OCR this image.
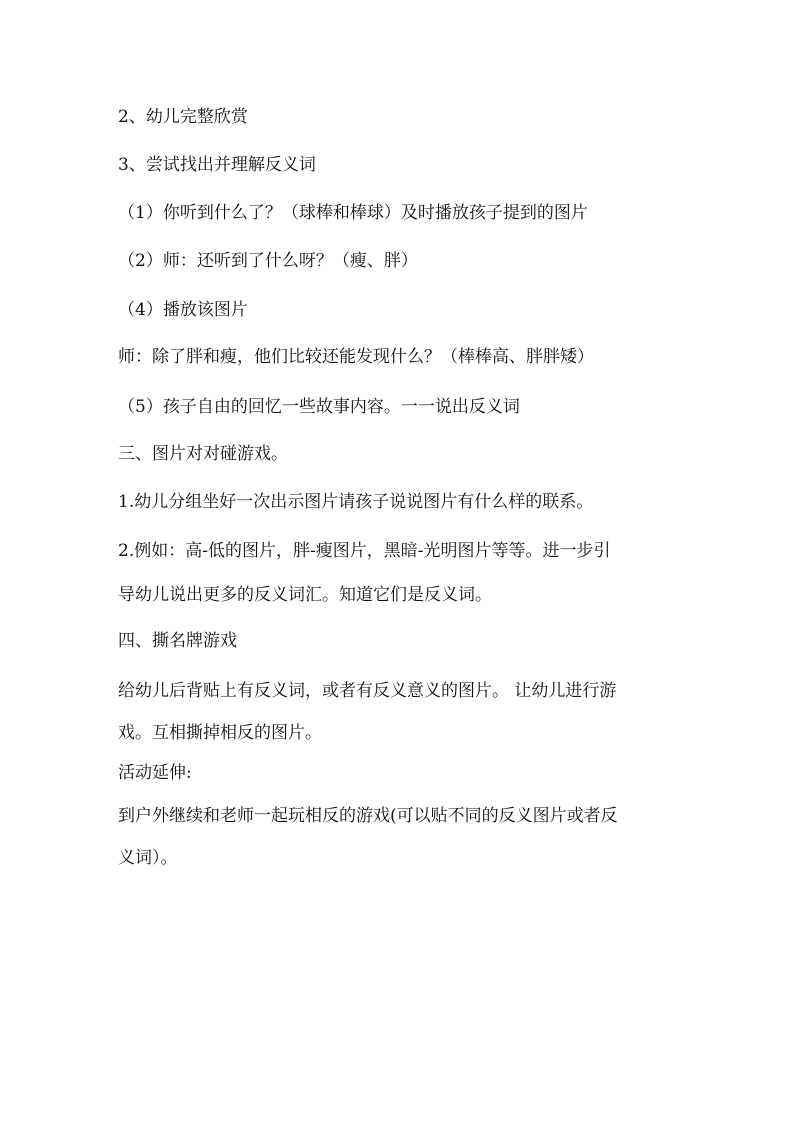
2、幼儿完整欣赏
3、尝试找出并理解反义词
（1）你听到什么了？（球棒和棒球）及时播放孩子提到的图片
（2）师：还听到了什么呀？（瘦、胖）
（4）播放该图片
师：除了胖和瘦，他们比较还能发现什么？（棒棒高、胖胖矮）
（5）孩子自由的回忆一些故事内容。一一说出反义词
三、图片对对碰游戏。
1.幼儿分组坐好一次出示图片请孩子说说图片有什么样的联系。
2.例如：高-低的图片，胖-瘦图片，黑暗-光明图片等等。进一步引
导幼儿说出更多的反义词汇。知道它们是反义词。
四、撕名牌游戏
给幼儿后背贴上有反义词，或者有反义意义的图片。 让幼儿进行游
戏。互相撕掉相反的图片。
活动延伸:
到户外继续和老师一起玩相反的游戏(可以贴不同的反义图片或者反
义词）。
